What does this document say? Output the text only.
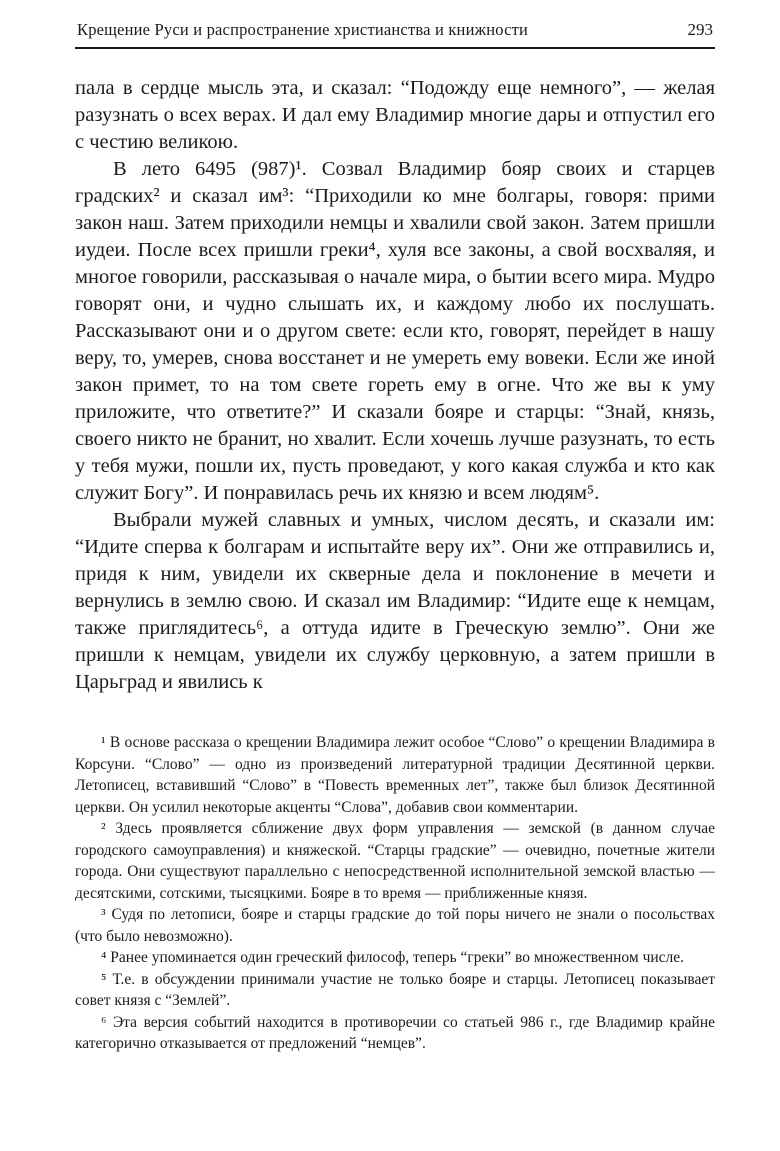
Крещение Руси и распространение христианства и книжности	293

пала в сердце мысль эта, и сказал: “Подожду еще немного”, — желая разузнать о всех верах. И дал ему Владимир многие дары и отпустил его с честию великою.

В лето 6495 (987)¹. Созвал Владимир бояр своих и старцев градских² и сказал им³: “Приходили ко мне болгары, говоря: прими закон наш. Затем приходили немцы и хвалили свой закон. Затем пришли иудеи. После всех пришли греки⁴, хуля все законы, а свой восхваляя, и многое говорили, рассказывая о начале мира, о бытии всего мира. Мудро говорят они, и чудно слышать их, и каждому любо их послушать. Рассказывают они и о другом свете: если кто, говорят, перейдет в нашу веру, то, умерев, снова восстанет и не умереть ему вовеки. Если же иной закон примет, то на том свете гореть ему в огне. Что же вы к уму приложите, что ответите?” И сказали бояре и старцы: “Знай, князь, своего никто не бранит, но хвалит. Если хочешь лучше разузнать, то есть у тебя мужи, пошли их, пусть проведают, у кого какая служба и кто как служит Богу”. И понравилась речь их князю и всем людям⁵.

Выбрали мужей славных и умных, числом десять, и сказали им: “Идите сперва к болгарам и испытайте веру их”. Они же отправились и, придя к ним, увидели их скверные дела и поклонение в мечети и вернулись в землю свою. И сказал им Владимир: “Идите еще к немцам, также приглядитесь⁶, а оттуда идите в Греческую землю”. Они же пришли к немцам, увидели их службу церковную, а затем пришли в Царьград и явились к

¹ В основе рассказа о крещении Владимира лежит особое “Слово” о крещении Владимира в Корсуни. “Слово” — одно из произведений литературной традиции Десятинной церкви. Летописец, вставивший “Слово” в “Повесть временных лет”, также был близок Десятинной церкви. Он усилил некоторые акценты “Слова”, добавив свои комментарии.

² Здесь проявляется сближение двух форм управления — земской (в данном случае городского самоуправления) и княжеской. “Старцы градские” — очевидно, почетные жители города. Они существуют параллельно с непосредственной исполнительной земской властью — десятскими, сотскими, тысяцкими. Бояре в то время — приближенные князя.

³ Судя по летописи, бояре и старцы градские до той поры ничего не знали о посольствах (что было невозможно).

⁴ Ранее упоминается один греческий философ, теперь “греки” во множественном числе.

⁵ Т.е. в обсуждении принимали участие не только бояре и старцы. Летописец показывает совет князя с “Землей”.

⁶ Эта версия событий находится в противоречии со статьей 986 г., где Владимир крайне категорично отказывается от предложений “немцев”.
